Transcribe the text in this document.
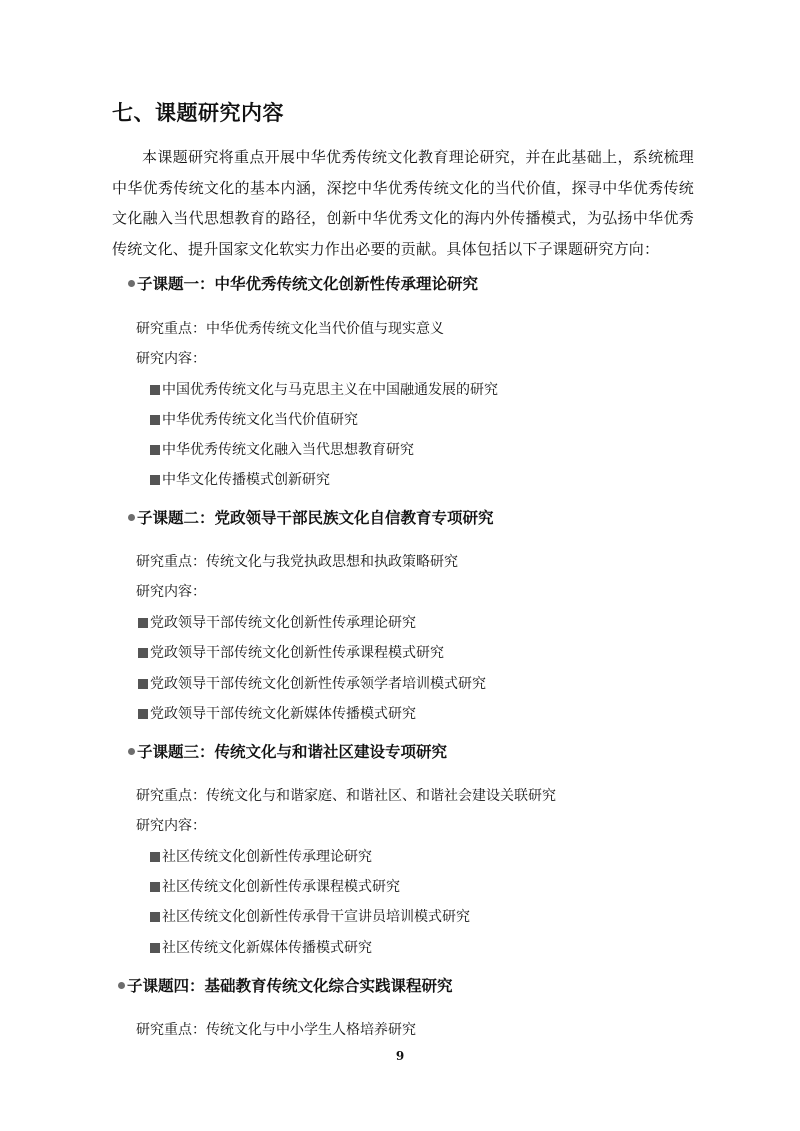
七、课题研究内容

本课题研究将重点开展中华优秀传统文化教育理论研究，并在此基础上，系统梳理中华优秀传统文化的基本内涵，深挖中华优秀传统文化的当代价值，探寻中华优秀传统文化融入当代思想教育的路径，创新中华优秀文化的海内外传播模式，为弘扬中华优秀传统文化、提升国家文化软实力作出必要的贡献。具体包括以下子课题研究方向：

子课题一：中华优秀传统文化创新性传承理论研究

研究重点：中华优秀传统文化当代价值与现实意义

研究内容：

中国优秀传统文化与马克思主义在中国融通发展的研究

中华优秀传统文化当代价值研究

中华优秀传统文化融入当代思想教育研究

中华文化传播模式创新研究

子课题二：党政领导干部民族文化自信教育专项研究

研究重点：传统文化与我党执政思想和执政策略研究

研究内容：

党政领导干部传统文化创新性传承理论研究

党政领导干部传统文化创新性传承课程模式研究

党政领导干部传统文化创新性传承领学者培训模式研究

党政领导干部传统文化新媒体传播模式研究

子课题三：传统文化与和谐社区建设专项研究

研究重点：传统文化与和谐家庭、和谐社区、和谐社会建设关联研究

研究内容：

社区传统文化创新性传承理论研究

社区传统文化创新性传承课程模式研究

社区传统文化创新性传承骨干宣讲员培训模式研究

社区传统文化新媒体传播模式研究

子课题四：基础教育传统文化综合实践课程研究

研究重点：传统文化与中小学生人格培养研究

9
